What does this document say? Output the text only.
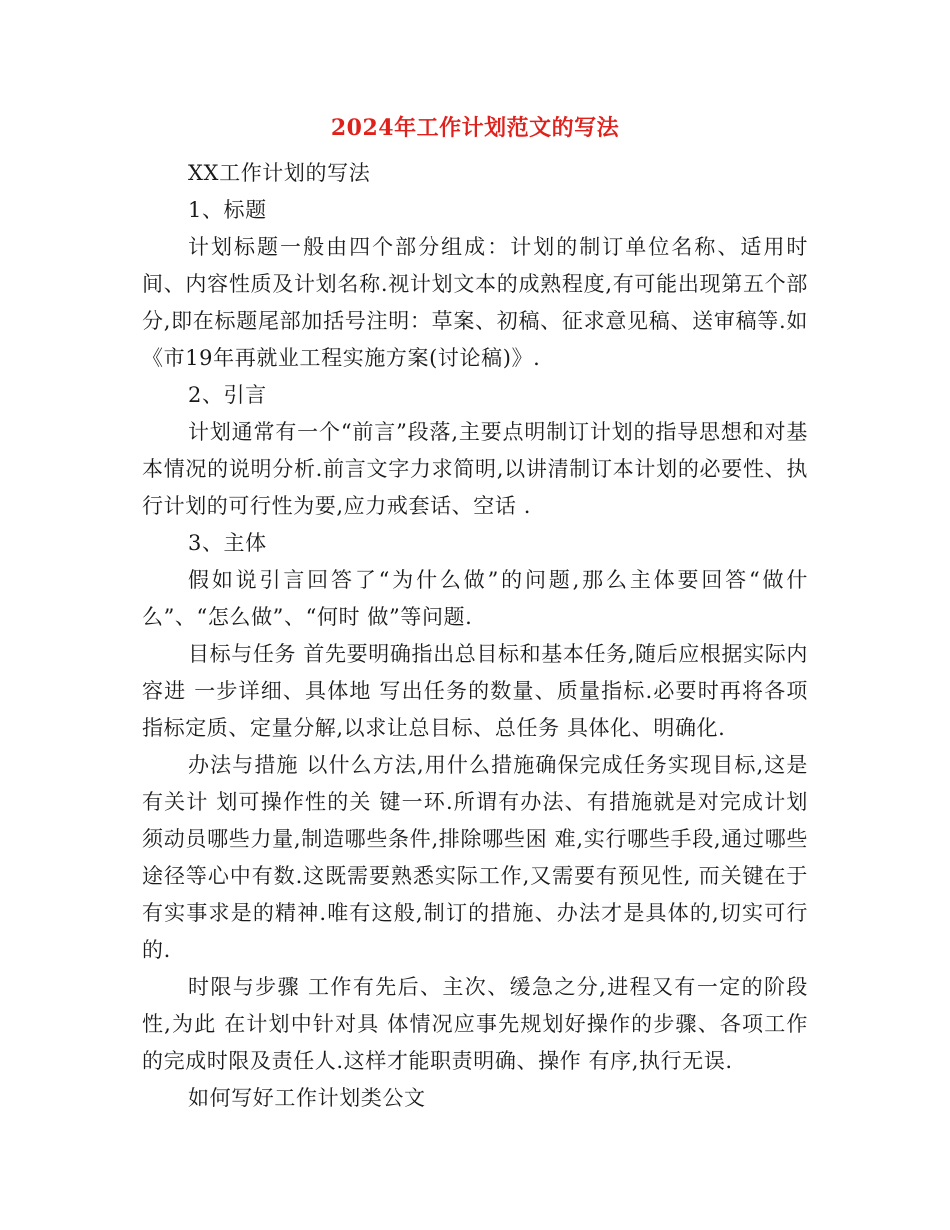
2024年工作计划范文的写法

XX工作计划的写法

1、标题

计划标题一般由四个部分组成：计划的制订单位名称、适用时间、内容性质及计划名称.视计划文本的成熟程度,有可能出现第五个部分,即在标题尾部加括号注明：草案、初稿、征求意见稿、送审稿等.如《市19年再就业工程实施方案(讨论稿)》.

2、引言

计划通常有一个“前言”段落,主要点明制订计划的指导思想和对基本情况的说明分析.前言文字力求简明,以讲清制订本计划的必要性、执行计划的可行性为要,应力戒套话、空话 .

3、主体

假如说引言回答了“为什么做”的问题,那么主体要回答“做什么”、“怎么做”、“何时 做”等问题.

目标与任务 首先要明确指出总目标和基本任务,随后应根据实际内容进 一步详细、具体地 写出任务的数量、质量指标.必要时再将各项指标定质、定量分解,以求让总目标、总任务 具体化、明确化.

办法与措施 以什么方法,用什么措施确保完成任务实现目标,这是有关计 划可操作性的关 键一环.所谓有办法、有措施就是对完成计划须动员哪些力量,制造哪些条件,排除哪些困 难,实行哪些手段,通过哪些途径等心中有数.这既需要熟悉实际工作,又需要有预见性, 而关键在于有实事求是的精神.唯有这般,制订的措施、办法才是具体的,切实可行的.

时限与步骤 工作有先后、主次、缓急之分,进程又有一定的阶段性,为此 在计划中针对具 体情况应事先规划好操作的步骤、各项工作的完成时限及责任人.这样才能职责明确、操作 有序,执行无误.

如何写好工作计划类公文
